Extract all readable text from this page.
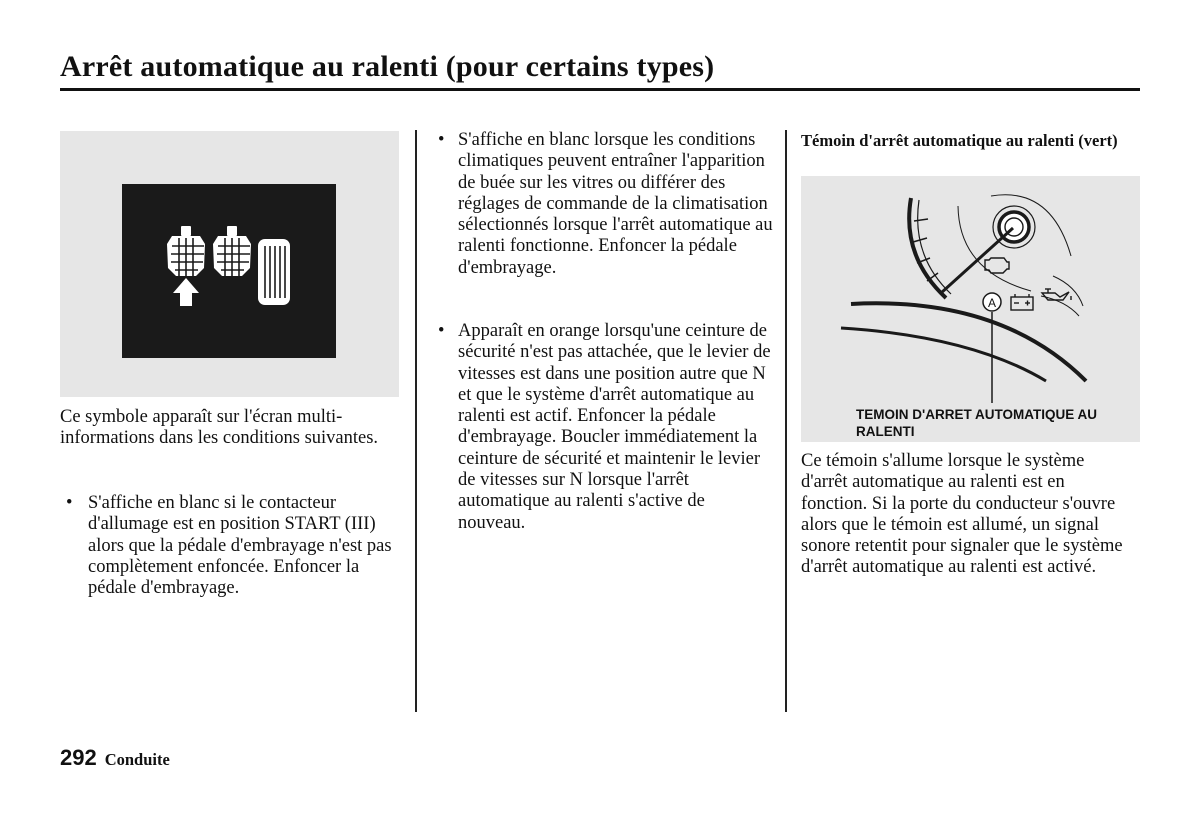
Arrêt automatique au ralenti (pour certains types)
Ce symbole apparaît sur l'écran multi-informations dans les conditions suivantes.
• S'affiche en blanc si le contacteur d'allumage est en position START (III) alors que la pédale d'embrayage n'est pas complètement enfoncée. Enfoncer la pédale d'embrayage.
• S'affiche en blanc lorsque les conditions climatiques peuvent entraîner l'apparition de buée sur les vitres ou différer des réglages de commande de la climatisation sélectionnés lorsque l'arrêt automatique au ralenti fonctionne. Enfoncer la pédale d'embrayage.
• Apparaît en orange lorsqu'une ceinture de sécurité n'est pas attachée, que le levier de vitesses est dans une position autre que N et que le système d'arrêt automatique au ralenti est actif. Enfoncer la pédale d'embrayage. Boucler immédiatement la ceinture de sécurité et maintenir le levier de vitesses sur N lorsque l'arrêt automatique au ralenti s'active de nouveau.
Témoin d'arrêt automatique au ralenti (vert)
A
TEMOIN D'ARRET AUTOMATIQUE AU RALENTI
Ce témoin s'allume lorsque le système d'arrêt automatique au ralenti est en fonction. Si la porte du conducteur s'ouvre alors que le témoin est allumé, un signal sonore retentit pour signaler que le système d'arrêt automatique au ralenti est activé.
292 Conduite
